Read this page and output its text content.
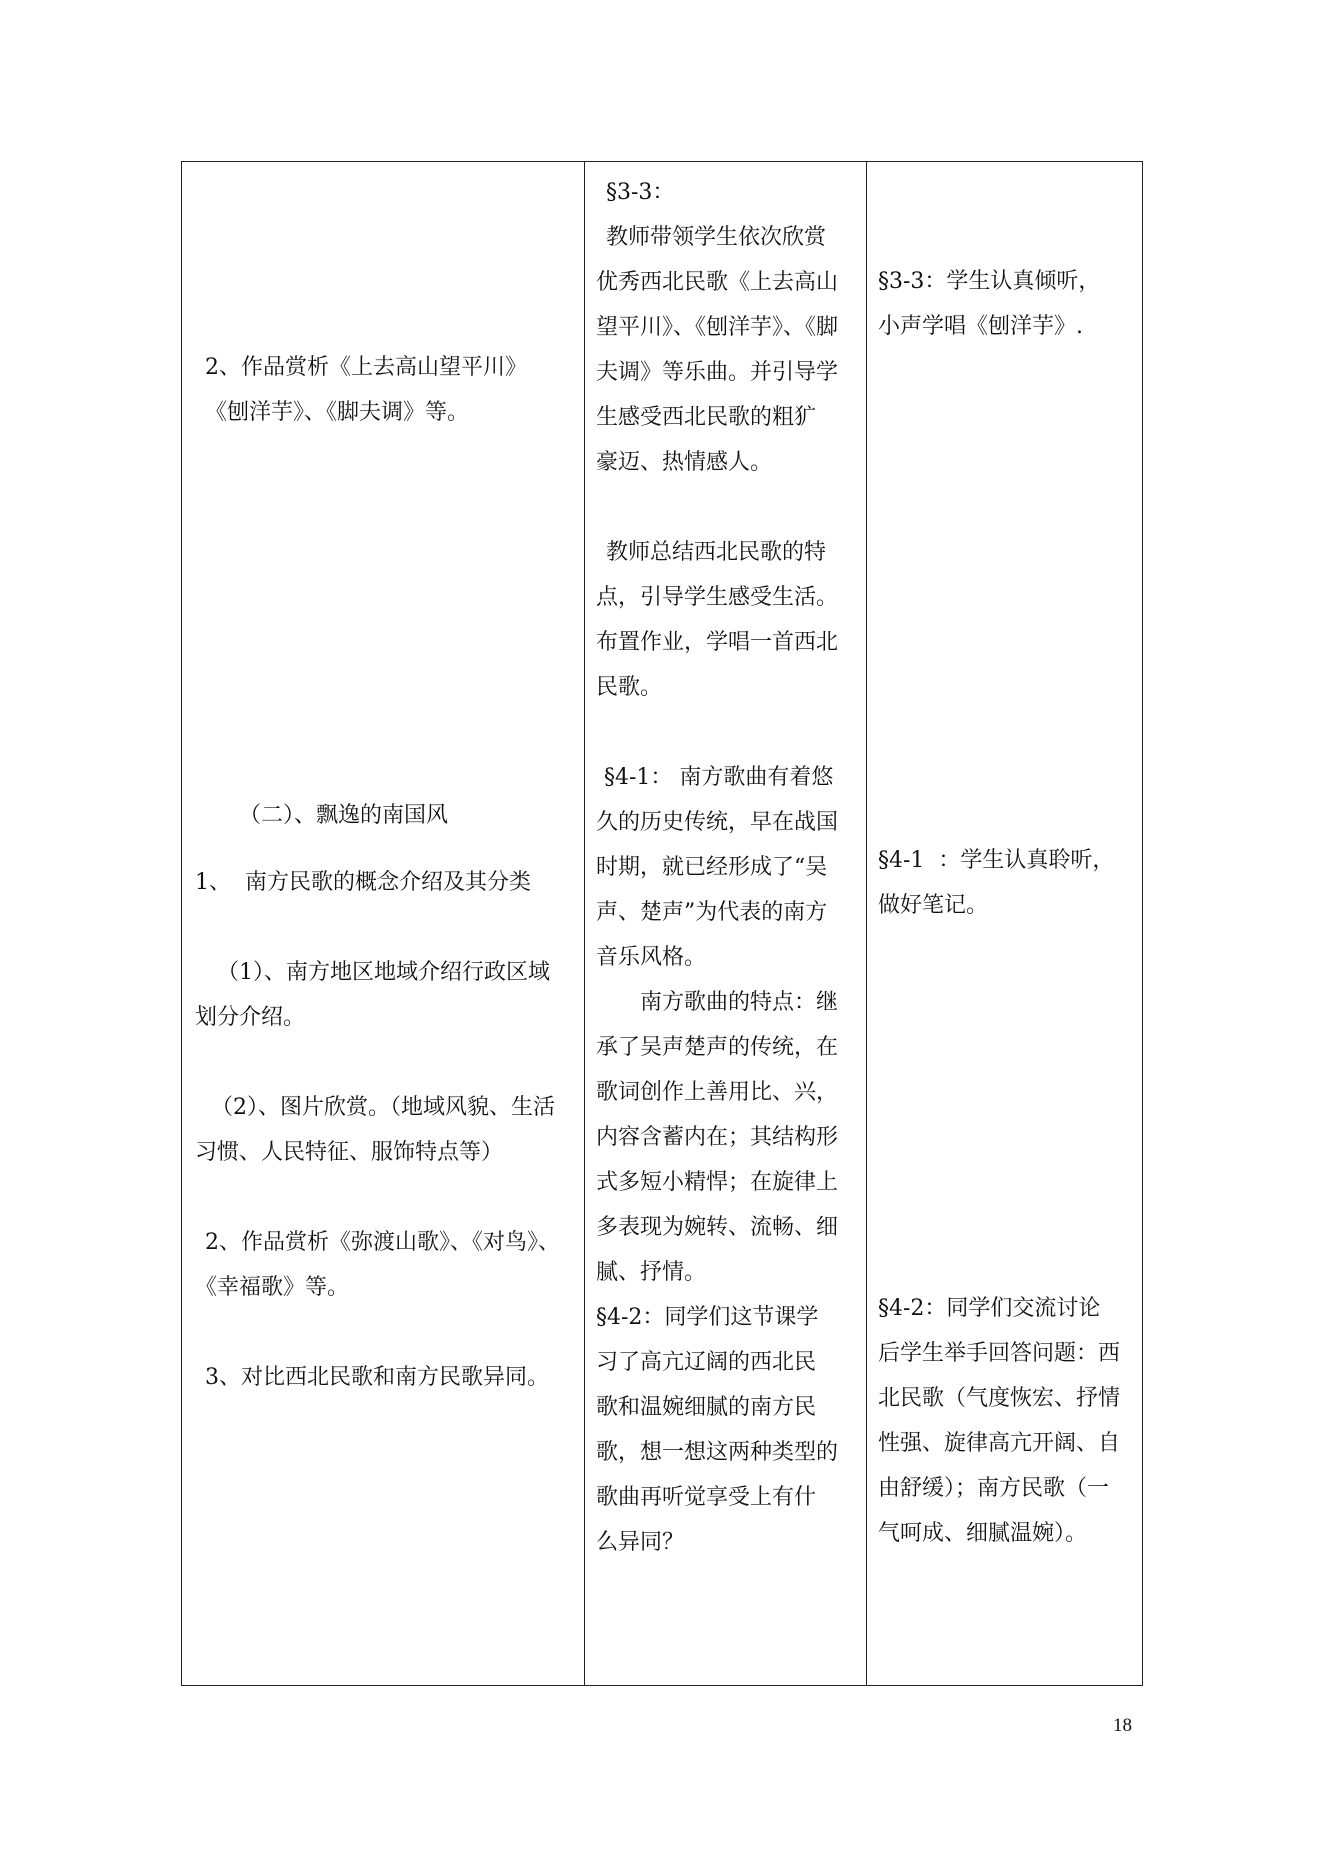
2、作品赏析《上去高山望平川》

《刨洋芋》、《脚夫调》等。

（二）、飘逸的南国风

1、  南方民歌的概念介绍及其分类

（1）、南方地区地域介绍行政区域

划分介绍。

（2）、图片欣赏。（地域风貌、生活

习惯、人民特征、服饰特点等）

2、作品赏析《弥渡山歌》、《对鸟》、

《幸福歌》等。

3、对比西北民歌和南方民歌异同。

§3-3：

教师带领学生依次欣赏

优秀西北民歌《上去高山

望平川》、《刨洋芋》、《脚

夫调》等乐曲。并引导学

生感受西北民歌的粗犷

豪迈、热情感人。

教师总结西北民歌的特

点，引导学生感受生活。

布置作业，学唱一首西北

民歌。

§4-1： 南方歌曲有着悠

久的历史传统，早在战国

时期，就已经形成了“吴

声、楚声”为代表的南方

音乐风格。

南方歌曲的特点：继

承了吴声楚声的传统，在

歌词创作上善用比、兴，

内容含蓄内在；其结构形

式多短小精悍；在旋律上

多表现为婉转、流畅、细

腻、抒情。

§4-2：同学们这节课学

习了高亢辽阔的西北民

歌和温婉细腻的南方民

歌，想一想这两种类型的

歌曲再听觉享受上有什

么异同？

§3-3：学生认真倾听，

小声学唱《刨洋芋》.

§4-1  ：学生认真聆听，

做好笔记。

§4-2：同学们交流讨论

后学生举手回答问题：西

北民歌（气度恢宏、抒情

性强、旋律高亢开阔、自

由舒缓）；南方民歌（一

气呵成、细腻温婉）。

18
